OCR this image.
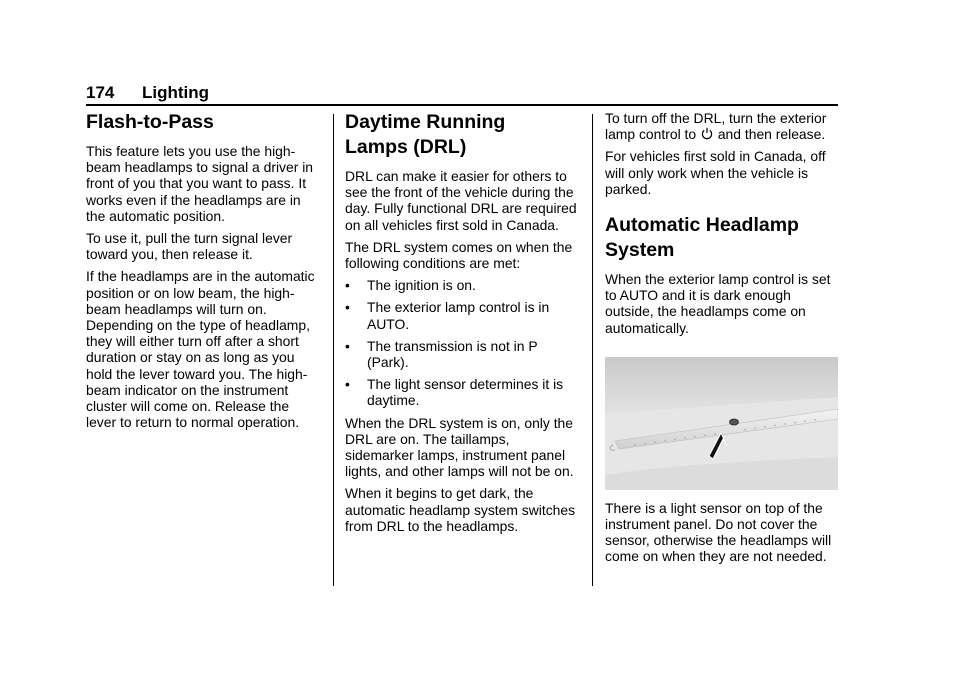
174 Lighting
Flash-to-Pass

This feature lets you use the high-beam headlamps to signal a driver in front of you that you want to pass. It works even if the headlamps are in the automatic position.

To use it, pull the turn signal lever toward you, then release it.

If the headlamps are in the automatic position or on low beam, the high-beam headlamps will turn on. Depending on the type of headlamp, they will either turn off after a short duration or stay on as long as you hold the lever toward you. The high-beam indicator on the instrument cluster will come on. Release the lever to return to normal operation.

Daytime Running
Lamps (DRL)

DRL can make it easier for others to see the front of the vehicle during the day. Fully functional DRL are required on all vehicles first sold in Canada.

The DRL system comes on when the following conditions are met:

• The ignition is on.
• The exterior lamp control is in AUTO.
• The transmission is not in P (Park).
• The light sensor determines it is daytime.

When the DRL system is on, only the DRL are on. The taillamps, sidemarker lamps, instrument panel lights, and other lamps will not be on.

When it begins to get dark, the automatic headlamp system switches from DRL to the headlamps.

To turn off the DRL, turn the exterior lamp control to and then release.

For vehicles first sold in Canada, off will only work when the vehicle is parked.

Automatic Headlamp
System

When the exterior lamp control is set to AUTO and it is dark enough outside, the headlamps come on automatically.

There is a light sensor on top of the instrument panel. Do not cover the sensor, otherwise the headlamps will come on when they are not needed.
